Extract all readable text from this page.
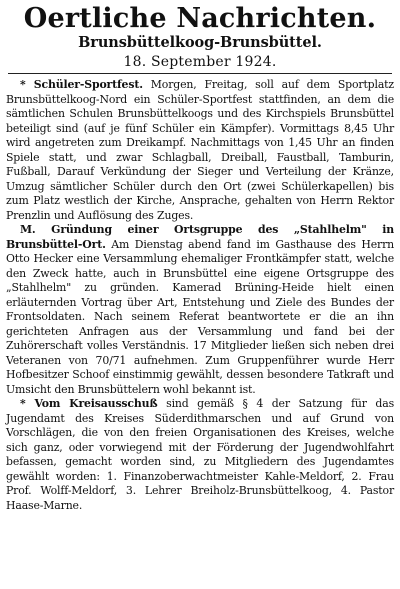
Oertliche Nachrichten.
Brunsbüttelkoog-Brunsbüttel.
18. September 1924.

* Schüler-Sportfest. Morgen, Freitag, soll auf dem Sportplatz Brunsbüttelkoog-Nord ein Schüler-Sportfest stattfinden, an dem die sämtlichen Schulen Brunsbüttelkoogs und des Kirchspiels Brunsbüttel beteiligt sind (auf je fünf Schüler ein Kämpfer). Vormittags 8,45 Uhr wird angetreten zum Dreikampf. Nachmittags von 1,45 Uhr an finden Spiele statt, und zwar Schlagball, Dreiball, Faustball, Tamburin, Fußball, Darauf Verkündung der Sieger und Verteilung der Kränze, Umzug sämtlicher Schüler durch den Ort (zwei Schülerkapellen) bis zum Platz westlich der Kirche, Ansprache, gehalten von Herrn Rektor Prenzlin und Auflösung des Zuges.

M. Gründung einer Ortsgruppe des „Stahlhelm" in Brunsbüttel-Ort. Am Dienstag abend fand im Gasthause des Herrn Otto Hecker eine Versammlung ehemaliger Frontkämpfer statt, welche den Zweck hatte, auch in Brunsbüttel eine eigene Ortsgruppe des „Stahlhelm" zu gründen. Kamerad Brüning-Heide hielt einen erläuternden Vortrag über Art, Entstehung und Ziele des Bundes der Frontsoldaten. Nach seinem Referat beantwortete er die an ihn gerichteten Anfragen aus der Versammlung und fand bei der Zuhörerschaft volles Verständnis. 17 Mitglieder ließen sich neben drei Veteranen von 70/71 aufnehmen. Zum Gruppenführer wurde Herr Hofbesitzer Schoof einstimmig gewählt, dessen besondere Tatkraft und Umsicht den Brunsbüttelern wohl bekannt ist.

* Vom Kreisausschuß sind gemäß § 4 der Satzung für das Jugendamt des Kreises Süderdithmarschen und auf Grund von Vorschlägen, die von den freien Organisationen des Kreises, welche sich ganz, oder vorwiegend mit der Förderung der Jugendwohlfahrt befassen, gemacht worden sind, zu Mitgliedern des Jugendamtes gewählt worden: 1. Finanzoberwachtmeister Kahle-Meldorf, 2. Frau Prof. Wolff-Meldorf, 3. Lehrer Breiholz-Brunsbüttelkoog, 4. Pastor Haase-Marne.
